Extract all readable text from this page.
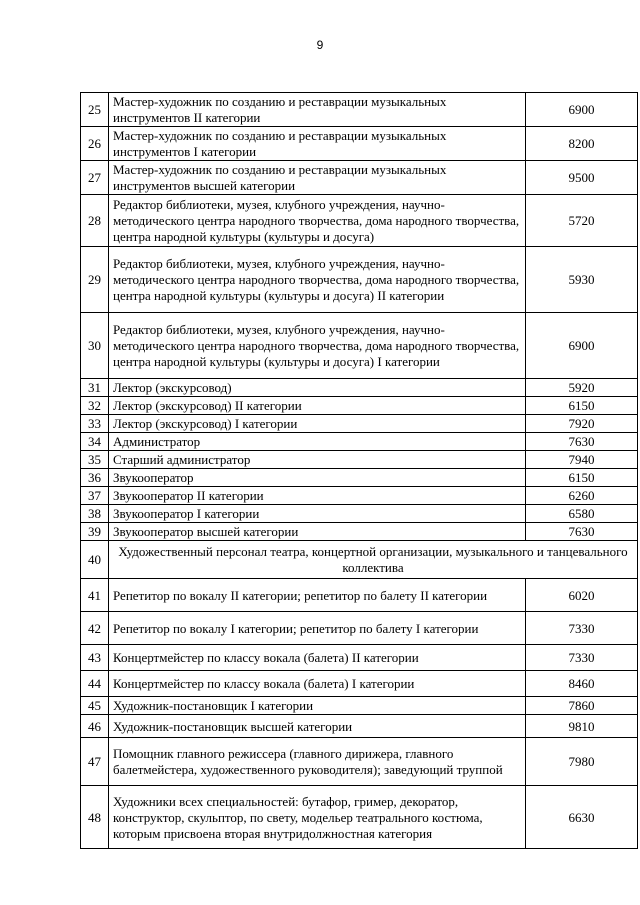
9
25	Мастер-художник по созданию и реставрации музыкальных инструментов II категории	6900
26	Мастер-художник по созданию и реставрации музыкальных инструментов I категории	8200
27	Мастер-художник по созданию и реставрации музыкальных инструментов высшей категории	9500
28	Редактор библиотеки, музея, клубного учреждения, научно-методического центра народного творчества, дома народного творчества, центра народной культуры (культуры и досуга)	5720
29	Редактор библиотеки, музея, клубного учреждения, научно-методического центра народного творчества, дома народного творчества, центра народной культуры (культуры и досуга) II категории	5930
30	Редактор библиотеки, музея, клубного учреждения, научно-методического центра народного творчества, дома народного творчества, центра народной культуры (культуры и досуга) I категории	6900
31	Лектор (экскурсовод)	5920
32	Лектор (экскурсовод) II категории	6150
33	Лектор (экскурсовод) I категории	7920
34	Администратор	7630
35	Старший администратор	7940
36	Звукооператор	6150
37	Звукооператор II категории	6260
38	Звукооператор I категории	6580
39	Звукооператор высшей категории	7630
40	Художественный персонал театра, концертной организации, музыкального и танцевального коллектива	
41	Репетитор по вокалу II категории; репетитор по балету II категории	6020
42	Репетитор по вокалу I категории; репетитор по балету I категории	7330
43	Концертмейстер по классу вокала (балета) II категории	7330
44	Концертмейстер по классу вокала (балета) I категории	8460
45	Художник-постановщик I категории	7860
46	Художник-постановщик высшей категории	9810
47	Помощник главного режиссера (главного дирижера, главного балетмейстера, художественного руководителя); заведующий труппой	7980
48	Художники всех специальностей: бутафор, гример, декоратор, конструктор, скульптор, по свету, модельер театрального костюма, которым присвоена вторая внутридолжностная категория	6630
